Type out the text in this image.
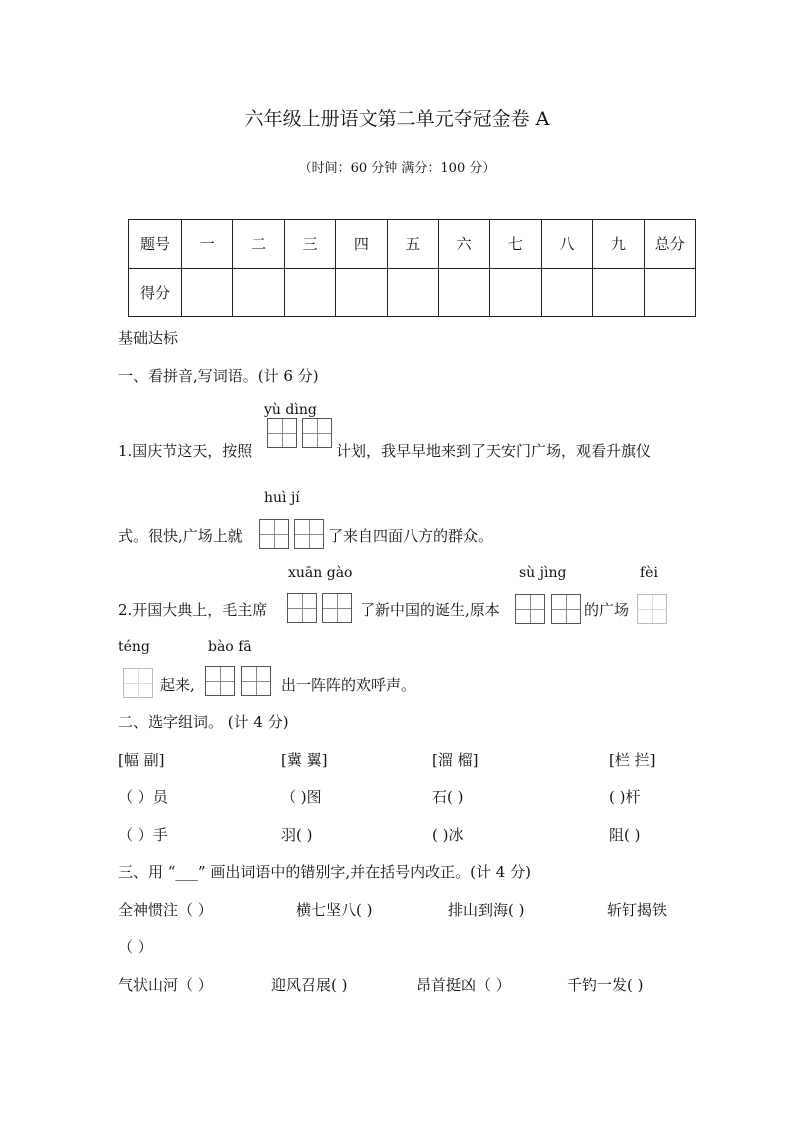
六年级上册语文第二单元夺冠金卷 A
（时间：60 分钟 满分：100 分）
题号	一	二	三	四	五	六	七	八	九	总分
得分										
基础达标
一、看拼音,写词语。(计 6 分)
yù dìng
1.国庆节这天，按照	计划，我早早地来到了天安门广场，观看升旗仪
huì jí
式。很快,广场上就	了来自四面八方的群众。
xuān gào	sù jìng	fèi
2.开国大典上，毛主席	了新中国的诞生,原本	的广场
téng	bào fā
起来,	出一阵阵的欢呼声。
二、选字组词。 (计 4 分)
[幅 副]	[冀 翼]	[溜 榴]	[栏 拦]
（ ）员	（ )图	石( )	( )杆
（ ）手	羽( )	( )冰	阻( )
三、用 “___” 画出词语中的错别字,并在括号内改正。(计 4 分)
全神惯注（ ）	横七坚八( )	排山到海( )	斩钉揭铁
（ ）
气状山河（ ）	迎风召展( )	昂首挺凶（ ）	千钓一发( )
